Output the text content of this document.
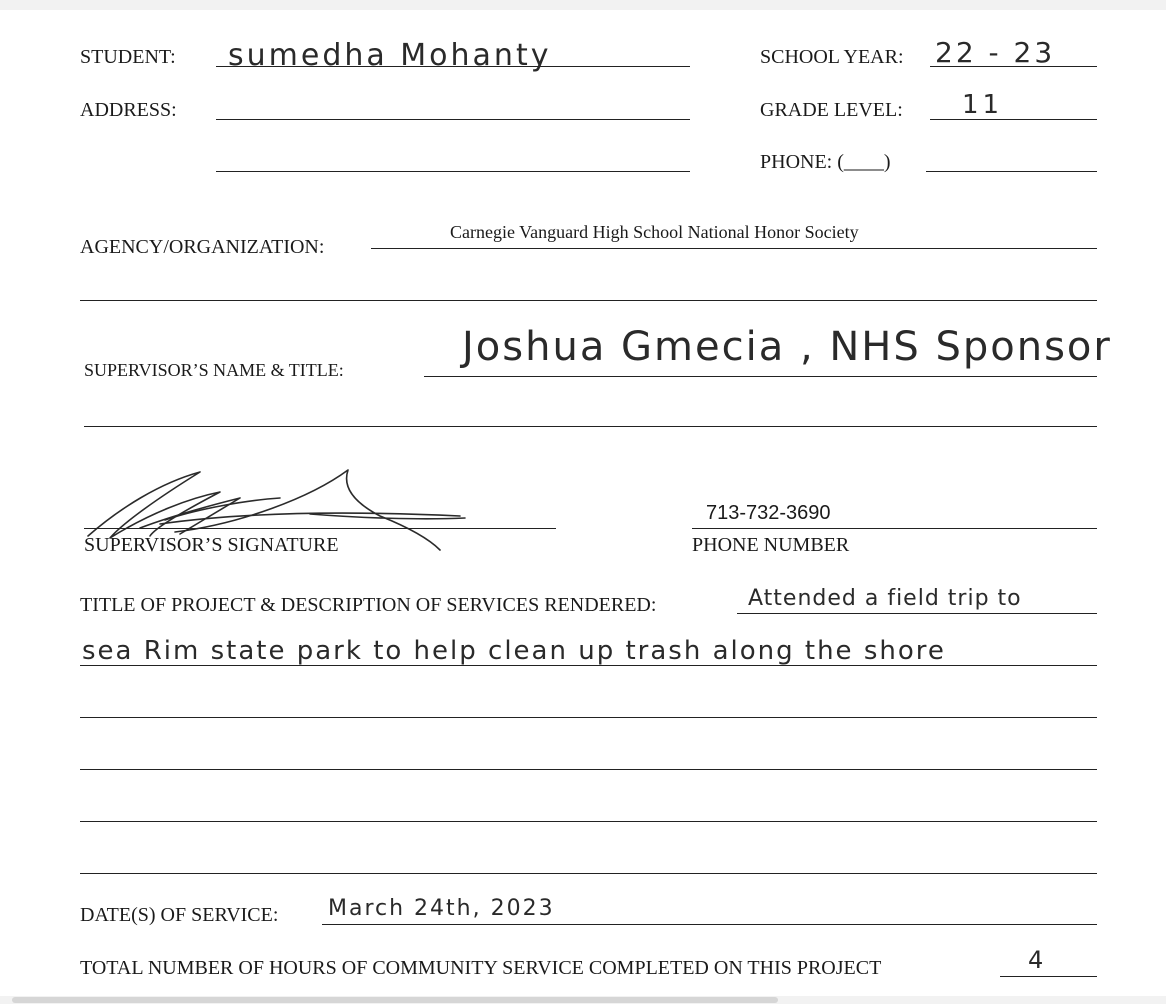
STUDENT: sumedha Mohanty	SCHOOL YEAR: 22 - 23
ADDRESS:	GRADE LEVEL: 11
PHONE: (____)
AGENCY/ORGANIZATION:
Carnegie Vanguard High School National Honor Society
SUPERVISOR’S NAME & TITLE:	Joshua Gmecia , NHS Sponsor
SUPERVISOR’S SIGNATURE
713-732-3690
PHONE NUMBER
TITLE OF PROJECT & DESCRIPTION OF SERVICES RENDERED:	Attended a field trip to
sea Rim state park to help clean up trash along the shore
DATE(S) OF SERVICE: March 24th, 2023
TOTAL NUMBER OF HOURS OF COMMUNITY SERVICE COMPLETED ON THIS PROJECT	4
